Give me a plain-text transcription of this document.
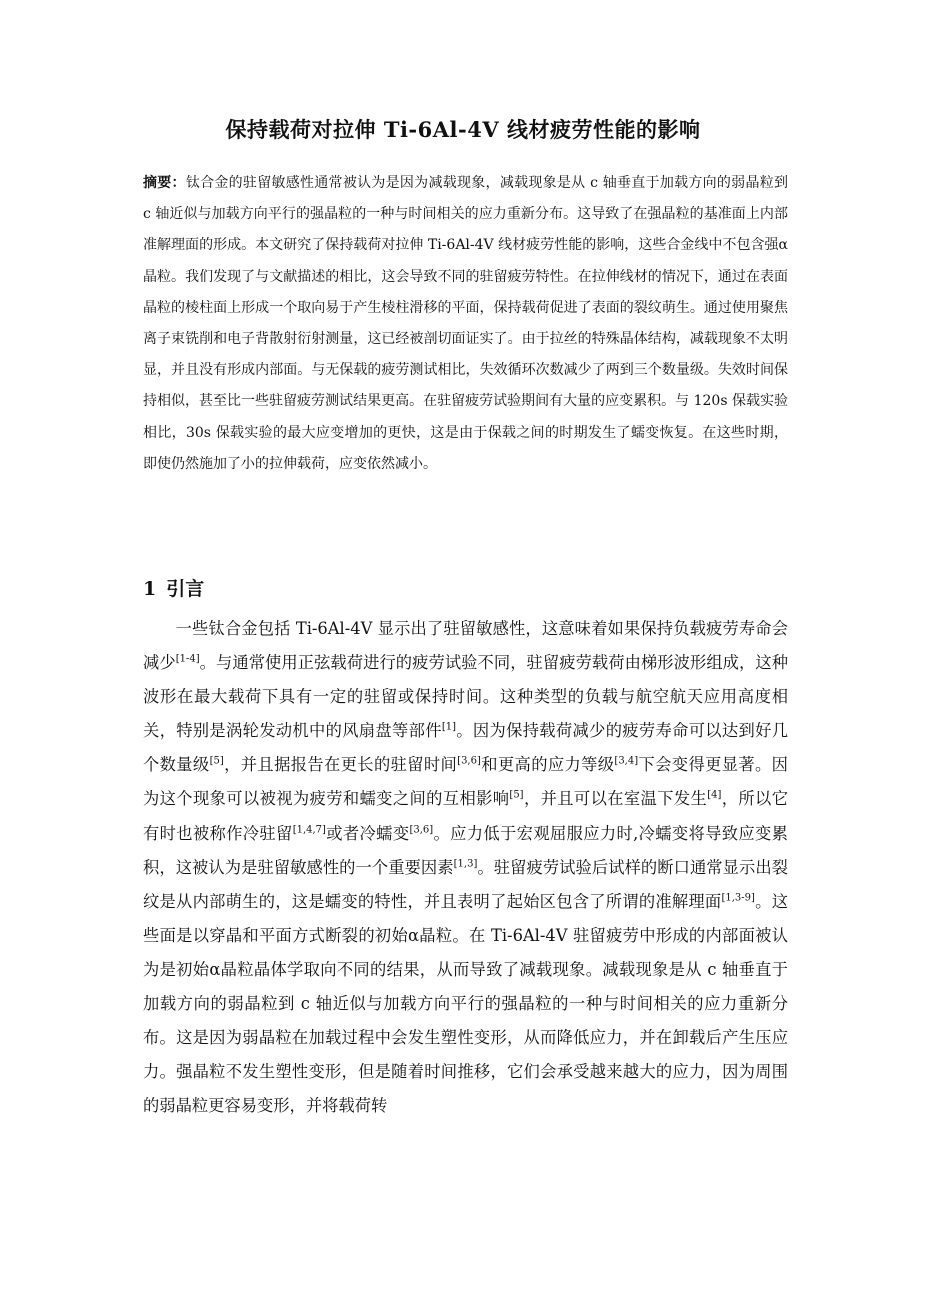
保持载荷对拉伸 Ti-6Al-4V 线材疲劳性能的影响
摘要：钛合金的驻留敏感性通常被认为是因为减载现象，减载现象是从 c 轴垂直于加载方向的弱晶粒到 c 轴近似与加载方向平行的强晶粒的一种与时间相关的应力重新分布。这导致了在强晶粒的基准面上内部准解理面的形成。本文研究了保持载荷对拉伸 Ti-6Al-4V 线材疲劳性能的影响，这些合金线中不包含强α晶粒。我们发现了与文献描述的相比，这会导致不同的驻留疲劳特性。在拉伸线材的情况下，通过在表面晶粒的棱柱面上形成一个取向易于产生棱柱滑移的平面，保持载荷促进了表面的裂纹萌生。通过使用聚焦离子束铣削和电子背散射衍射测量，这已经被剖切面证实了。由于拉丝的特殊晶体结构，减载现象不太明显，并且没有形成内部面。与无保载的疲劳测试相比，失效循环次数减少了两到三个数量级。失效时间保持相似，甚至比一些驻留疲劳测试结果更高。在驻留疲劳试验期间有大量的应变累积。与 120s 保载实验相比，30s 保载实验的最大应变增加的更快，这是由于保载之间的时期发生了蠕变恢复。在这些时期，即使仍然施加了小的拉伸载荷，应变依然减小。
1 引言
一些钛合金包括 Ti-6Al-4V 显示出了驻留敏感性，这意味着如果保持负载疲劳寿命会减少[1-4]。与通常使用正弦载荷进行的疲劳试验不同，驻留疲劳载荷由梯形波形组成，这种波形在最大载荷下具有一定的驻留或保持时间。这种类型的负载与航空航天应用高度相关，特别是涡轮发动机中的风扇盘等部件[1]。因为保持载荷减少的疲劳寿命可以达到好几个数量级[5]，并且据报告在更长的驻留时间[3,6]和更高的应力等级[3,4]下会变得更显著。因为这个现象可以被视为疲劳和蠕变之间的互相影响[5]，并且可以在室温下发生[4]，所以它有时也被称作冷驻留[1,4,7]或者冷蠕变[3,6]。应力低于宏观屈服应力时,冷蠕变将导致应变累积，这被认为是驻留敏感性的一个重要因素[1,3]。驻留疲劳试验后试样的断口通常显示出裂纹是从内部萌生的，这是蠕变的特性，并且表明了起始区包含了所谓的准解理面[1,3-9]。这些面是以穿晶和平面方式断裂的初始α晶粒。在 Ti-6Al-4V 驻留疲劳中形成的内部面被认为是初始α晶粒晶体学取向不同的结果，从而导致了减载现象。减载现象是从 c 轴垂直于加载方向的弱晶粒到 c 轴近似与加载方向平行的强晶粒的一种与时间相关的应力重新分布。这是因为弱晶粒在加载过程中会发生塑性变形，从而降低应力，并在卸载后产生压应力。强晶粒不发生塑性变形，但是随着时间推移，它们会承受越来越大的应力，因为周围的弱晶粒更容易变形，并将载荷转
